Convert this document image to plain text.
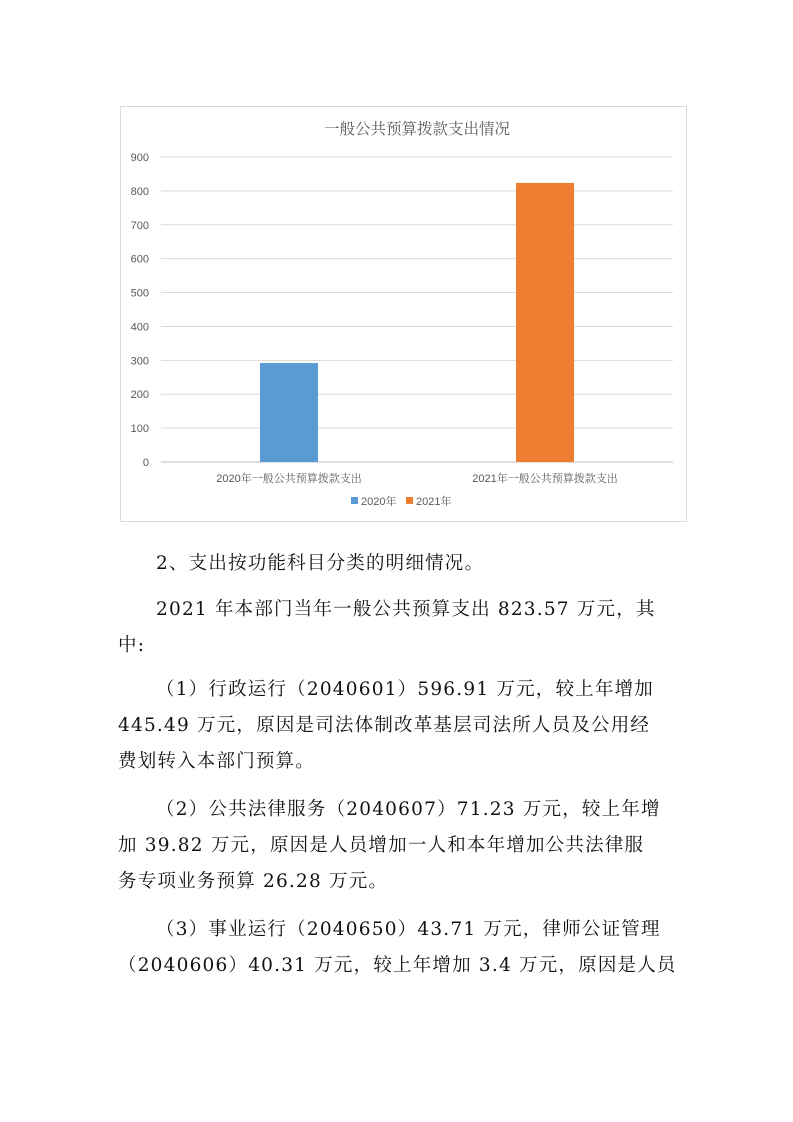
一般公共预算拨款支出情况
0
100
200
300
400
500
600
700
800
900
2020年一般公共预算拨款支出	2021年一般公共预算拨款支出
2020年 2021年
2、支出按功能科目分类的明细情况。
2021 年本部门当年一般公共预算支出 823.57 万元，其
中:
（1）行政运行（2040601）596.91 万元，较上年增加
445.49 万元，原因是司法体制改革基层司法所人员及公用经
费划转入本部门预算。
（2）公共法律服务（2040607）71.23 万元，较上年增
加 39.82 万元，原因是人员增加一人和本年增加公共法律服
务专项业务预算 26.28 万元。
（3）事业运行（2040650）43.71 万元，律师公证管理
（2040606）40.31 万元，较上年增加 3.4 万元，原因是人员
